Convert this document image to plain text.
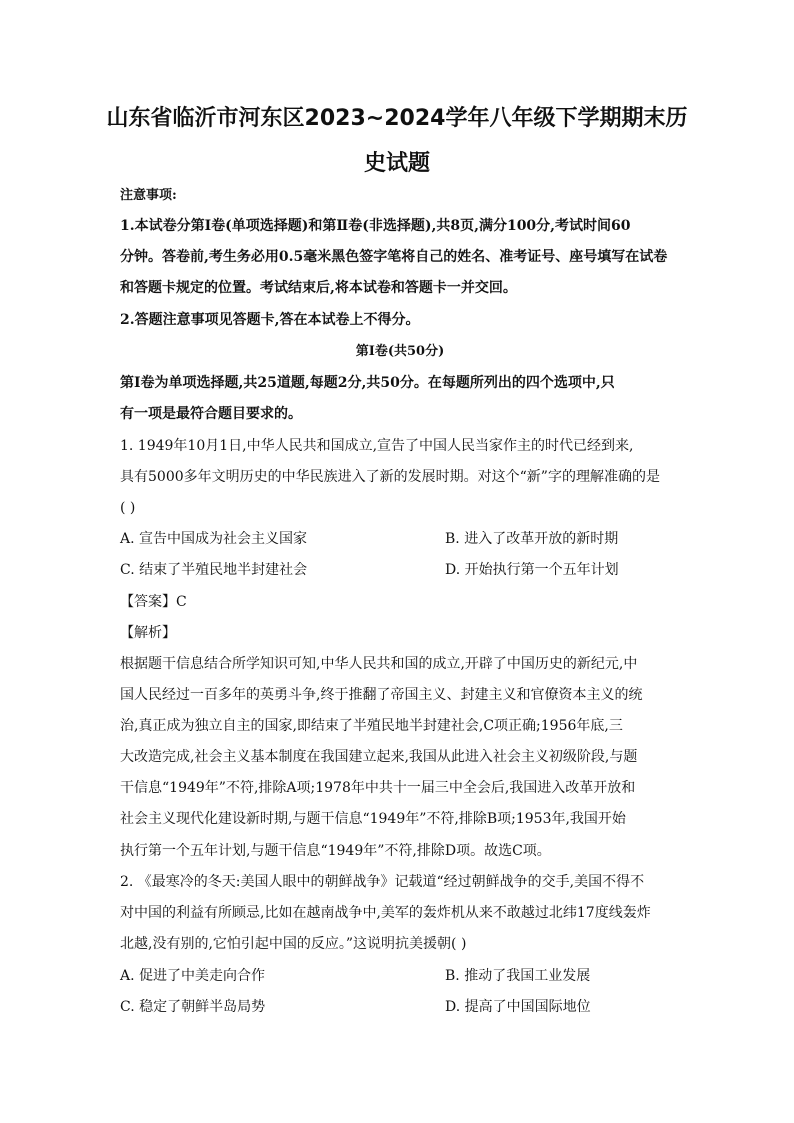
山东省临沂市河东区2023~2024学年八年级下学期期末历
史试题
注意事项:
1.本试卷分第Ⅰ卷(单项选择题)和第Ⅱ卷(非选择题),共8页,满分100分,考试时间60
分钟。答卷前,考生务必用0.5毫米黑色签字笔将自己的姓名、准考证号、座号填写在试卷
和答题卡规定的位置。考试结束后,将本试卷和答题卡一并交回。
2.答题注意事项见答题卡,答在本试卷上不得分。
第Ⅰ卷(共50分)
第Ⅰ卷为单项选择题,共25道题,每题2分,共50分。在每题所列出的四个选项中,只
有一项是最符合题目要求的。
1. 1949年10月1日,中华人民共和国成立,宣告了中国人民当家作主的时代已经到来,
具有5000多年文明历史的中华民族进入了新的发展时期。对这个“新”字的理解准确的是
( )
A. 宣告中国成为社会主义国家	B. 进入了改革开放的新时期
C. 结束了半殖民地半封建社会	D. 开始执行第一个五年计划
【答案】C
【解析】
根据题干信息结合所学知识可知,中华人民共和国的成立,开辟了中国历史的新纪元,中
国人民经过一百多年的英勇斗争,终于推翻了帝国主义、封建主义和官僚资本主义的统
治,真正成为独立自主的国家,即结束了半殖民地半封建社会,C项正确;1956年底,三
大改造完成,社会主义基本制度在我国建立起来,我国从此进入社会主义初级阶段,与题
干信息“1949年”不符,排除A项;1978年中共十一届三中全会后,我国进入改革开放和
社会主义现代化建设新时期,与题干信息“1949年”不符,排除B项;1953年,我国开始
执行第一个五年计划,与题干信息“1949年”不符,排除D项。故选C项。
2. 《最寒冷的冬天:美国人眼中的朝鲜战争》记载道“经过朝鲜战争的交手,美国不得不
对中国的利益有所顾忌,比如在越南战争中,美军的轰炸机从来不敢越过北纬17度线轰炸
北越,没有别的,它怕引起中国的反应。”这说明抗美援朝( )
A. 促进了中美走向合作	B. 推动了我国工业发展
C. 稳定了朝鲜半岛局势	D. 提高了中国国际地位
